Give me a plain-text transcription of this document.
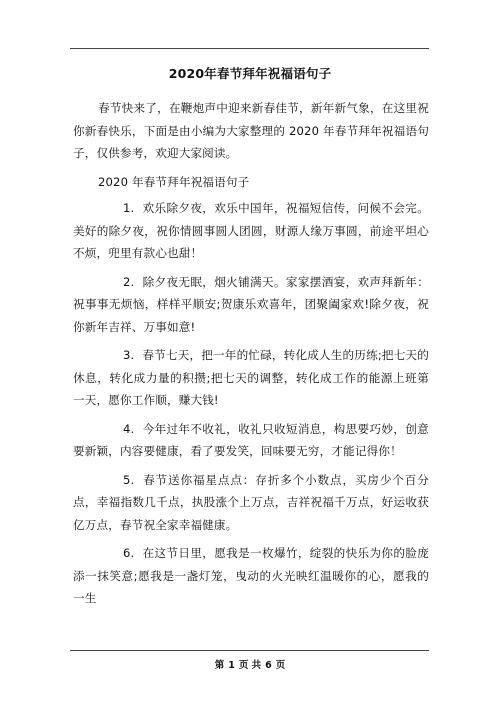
2020年春节拜年祝福语句子

春节快来了，在鞭炮声中迎来新春佳节，新年新气象，在这里祝你新春快乐，下面是由小编为大家整理的 2020 年春节拜年祝福语句子，仅供参考，欢迎大家阅读。

2020 年春节拜年祝福语句子

1. 欢乐除夕夜，欢乐中国年，祝福短信传，问候不会完。美好的除夕夜，祝你情圆事圆人团圆，财源人缘万事圆，前途平坦心不烦，兜里有款心也甜！

2. 除夕夜无眠，烟火铺满天。家家摆酒宴，欢声拜新年：祝事事无烦恼，样样平顺安;贺康乐欢喜年，团聚阖家欢!除夕夜，祝你新年吉祥、万事如意!

3. 春节七天，把一年的忙碌，转化成人生的历练;把七天的休息，转化成力量的积攒;把七天的调整，转化成工作的能源上班第一天，愿你工作顺，赚大钱!

4. 今年过年不收礼，收礼只收短消息，构思要巧妙，创意要新颖，内容要健康，看了要发笑，回味要无穷，才能记得你！

5. 春节送你福星点点：存折多个小数点，买房少个百分点，幸福指数几千点，执股涨个上万点，吉祥祝福千万点，好运收获亿万点，春节祝全家幸福健康。

6. 在这节日里，愿我是一枚爆竹，绽裂的快乐为你的脸庞添一抹笑意;愿我是一盏灯笼，曳动的火光映红温暖你的心，愿我的一生

第 1 页 共 6 页
